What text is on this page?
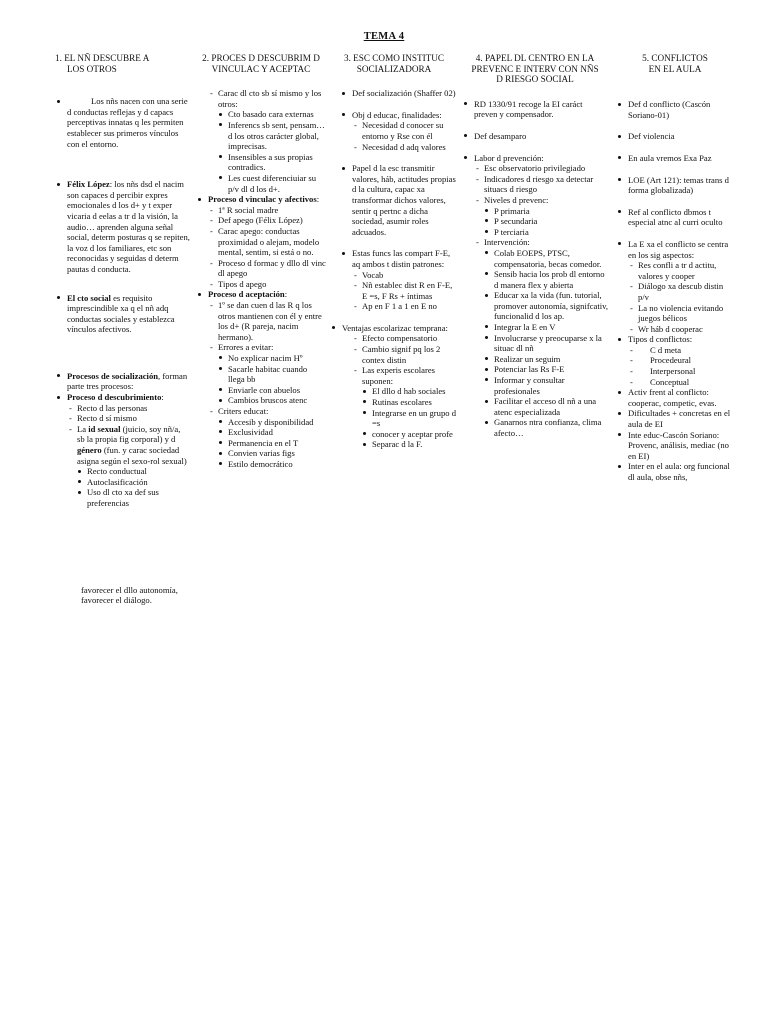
TEMA 4
1. EL NÑ DESCUBRE A
LOS OTROS
Los nñs nacen con una serie d conductas reflejas y d capacs perceptivas innatas q les permiten establecer sus primeros vínculos con el entorno.
Félix López: los nñs dsd el nacim son capaces d percibir expres emocionales d los d+ y t exper vicaria d eelas a tr d la visión, la audio… aprenden alguna señal social, determ posturas q se repiten, la voz d los familiares, etc son reconocidas y seguidas d determ pautas d conducta.
El cto social es requisito imprescindible xa q el nñ adq conductas sociales y establezca vínculos afectivos.
Procesos de socialización, forman parte tres procesos:
Proceso d descubrimiento:
- Recto d las personas
- Recto d sí mismo
- La id sexual (juicio, soy nñ/a, sb la propia fig corporal) y d género (fun. y carac sociedad asigna según el sexo-rol sexual)
Recto conductual
Autoclasificación
Uso dl cto xa def sus preferencias
favorecer el dllo autonomía,
favorecer el diálogo.
2. PROCES D DESCUBRIM D
VINCULAC Y ACEPTAC
- Carac dl cto sb sí mismo y los otros:
Cto basado cara externas
Inferencs sb sent, pensam… d los otros carácter global, imprecisas.
Insensibles a sus propias contradics.
Les cuest diferenciuiar su p/v dl d los d+.
Proceso d vinculac y afectivos:
- 1ª R social madre
- Def apego (Félix López)
- Carac apego: conductas proximidad o alejam, modelo mental, sentim, si está o no.
- Proceso d formac y dllo dl vinc dl apego
- Tipos d apego
Proceso d aceptación:
- 1º se dan cuen d las R q los otros mantienen con él y entre los d+ (R pareja, nacim hermano).
- Errores a evitar:
No explicar nacim Hº
Sacarle habitac cuando llega bb
Enviarle con abuelos
Cambios bruscos atenc
- Criters educat:
Accesib y disponibilidad
Exclusividad
Permanencia en el T
Convien varias figs
Estilo democrático
3. ESC COMO INSTITUC
SOCIALIZADORA
Def socialización (Shaffer 02)
Obj d educac, finalidades:
- Necesidad d conocer su entorno y Rse con él
- Necesidad d adq valores
Papel d la esc transmitir valores, háb, actitudes propias d la cultura, capac xa transformar dichos valores, sentir q pertnc a dicha sociedad, asumir roles adcuados.
Estas funcs las compart F-E, aq ambos t distin patrones:
- Vocab
- Nñ establec dist R en F-E, E =s, F Rs + íntimas
- Ap en F 1 a 1 en E no
Ventajas escolarizac temprana:
- Efecto compensatorio
- Cambio signif pq los 2 contex distin
- Las experis escolares suponen:
El dllo d hab sociales
Rutinas escolares
Integrarse en un grupo d =s
conocer y aceptar profe
Separac d la F.
4. PAPEL DL CENTRO EN LA
PREVENC E INTERV CON NÑS
D RIESGO SOCIAL
RD 1330/91 recoge la EI caráct preven y compensador.
Def desamparo
Labor d prevención:
- Esc observatorio privilegiado
- Indicadores d riesgo xa detectar situacs d riesgo
- Niveles d prevenc:
P primaria
P secundaria
P terciaria
- Intervención:
Colab EOEPS, PTSC, compensatoria, becas comedor.
Sensib hacia los prob dl entorno d manera flex y abierta
Educar xa la vida (fun. tutorial, promover autonomía, signifcativ, funcionalid d los ap.
Integrar la E en V
Involucrarse y preocuparse x la situac dl nñ
Realizar un seguim
Potenciar las Rs F-E
Informar y consultar profesionales
Facilitar el acceso dl nñ a una atenc especializada
Ganarnos ntra confianza, clima afecto…
5. CONFLICTOS
EN EL AULA
Def d conflicto (Cascón Soriano-01)
Def violencia
En aula vremos Exa Paz
LOE (Art 121): temas trans d forma globalizada)
Ref al conflicto dbmos t especial atnc al curri oculto
La E xa el conflicto se centra en los sig aspectos:
- Res confli a tr d actitu, valores y cooper
- Diálogo xa descub distin p/v
- La no violencia evitando juegos bélicos
- Wr háb d cooperac
Tipos d conflictos:
- C d meta
- Procedeural
- Interpersonal
- Conceptual
Activ frent al conflicto: cooperac, competic, evas.
Dificultades + concretas en el aula de EI
Inte educ-Cascón Soriano: Provenc, análisis, mediac (no en EI)
Inter en el aula: org funcional dl aula, obse nñs,
